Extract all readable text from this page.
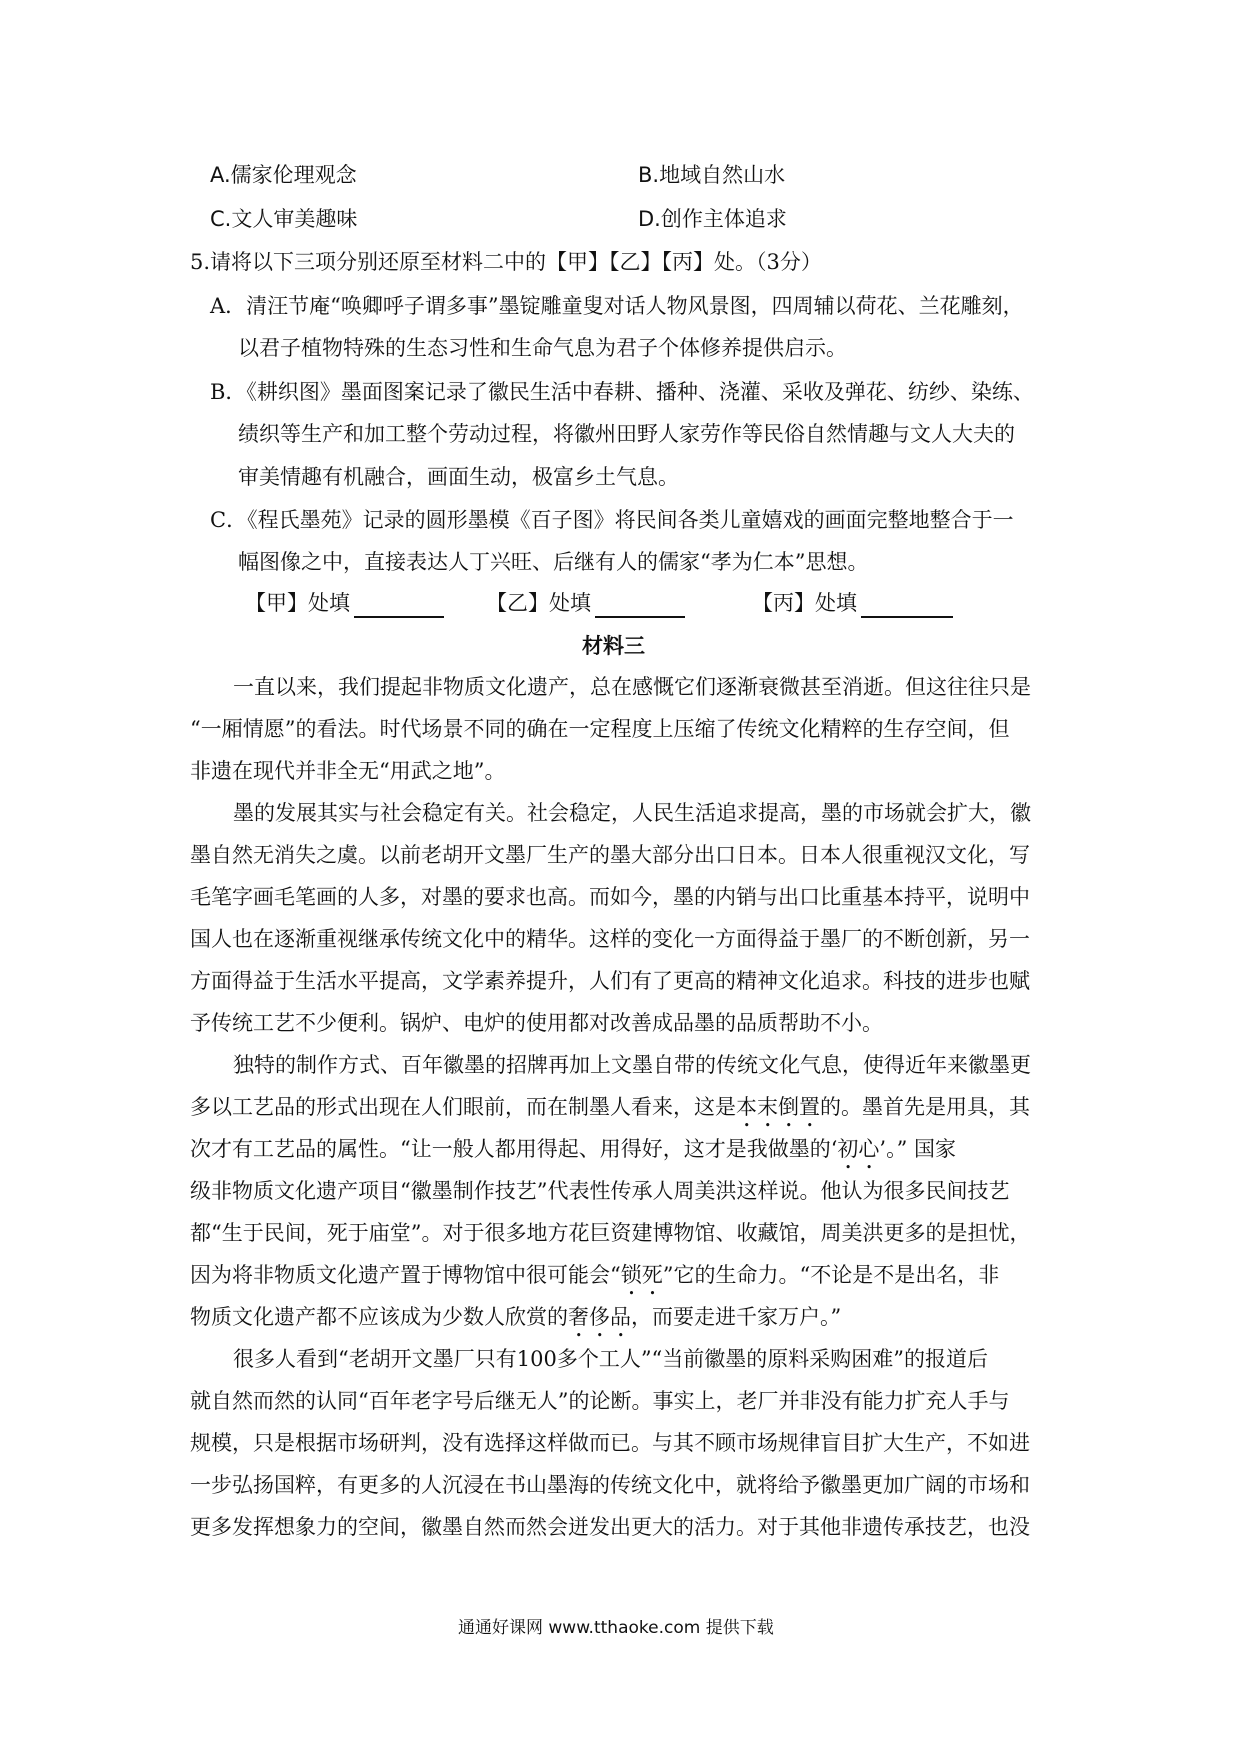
A.儒家伦理观念	B.地域自然山水
C.文人审美趣味	D.创作主体追求
5.请将以下三项分别还原至材料二中的【甲】【乙】【丙】处。（3分）
A．清汪节庵“唤卿呼子谓多事”墨锭雕童叟对话人物风景图，四周辅以荷花、兰花雕刻，
以君子植物特殊的生态习性和生命气息为君子个体修养提供启示。
B．《耕织图》墨面图案记录了徽民生活中春耕、播种、浇灌、采收及弹花、纺纱、染练、
绩织等生产和加工整个劳动过程，将徽州田野人家劳作等民俗自然情趣与文人大夫的
审美情趣有机融合，画面生动，极富乡土气息。
C．《程氏墨苑》记录的圆形墨模《百子图》将民间各类儿童嬉戏的画面完整地整合于一
幅图像之中，直接表达人丁兴旺、后继有人的儒家“孝为仁本”思想。
【甲】处填	【乙】处填	【丙】处填
材料三
一直以来，我们提起非物质文化遗产，总在感慨它们逐渐衰微甚至消逝。但这往往只是
“一厢情愿”的看法。时代场景不同的确在一定程度上压缩了传统文化精粹的生存空间，但
非遗在现代并非全无“用武之地”。
墨的发展其实与社会稳定有关。社会稳定，人民生活追求提高，墨的市场就会扩大，徽
墨自然无消失之虞。以前老胡开文墨厂生产的墨大部分出口日本。日本人很重视汉文化，写
毛笔字画毛笔画的人多，对墨的要求也高。而如今，墨的内销与出口比重基本持平，说明中
国人也在逐渐重视继承传统文化中的精华。这样的变化一方面得益于墨厂的不断创新，另一
方面得益于生活水平提高，文学素养提升，人们有了更高的精神文化追求。科技的进步也赋
予传统工艺不少便利。锅炉、电炉的使用都对改善成品墨的品质帮助不小。
独特的制作方式、百年徽墨的招牌再加上文墨自带的传统文化气息，使得近年来徽墨更
多以工艺品的形式出现在人们眼前，而在制墨人看来，这是本末倒置的。墨首先是用具，其
次才有工艺品的属性。“让一般人都用得起、用得好，这才是我做墨的‘初心’。” 国家
级非物质文化遗产项目“徽墨制作技艺”代表性传承人周美洪这样说。他认为很多民间技艺
都“生于民间，死于庙堂”。对于很多地方花巨资建博物馆、收藏馆，周美洪更多的是担忧，
因为将非物质文化遗产置于博物馆中很可能会“锁死”它的生命力。“不论是不是出名，非
物质文化遗产都不应该成为少数人欣赏的奢侈品，而要走进千家万户。”
很多人看到“老胡开文墨厂只有100多个工人”“当前徽墨的原料采购困难”的报道后
就自然而然的认同“百年老字号后继无人”的论断。事实上，老厂并非没有能力扩充人手与
规模，只是根据市场研判，没有选择这样做而已。与其不顾市场规律盲目扩大生产，不如进
一步弘扬国粹，有更多的人沉浸在书山墨海的传统文化中，就将给予徽墨更加广阔的市场和
更多发挥想象力的空间，徽墨自然而然会迸发出更大的活力。对于其他非遗传承技艺，也没
通通好课网 www.tthaoke.com 提供下载
